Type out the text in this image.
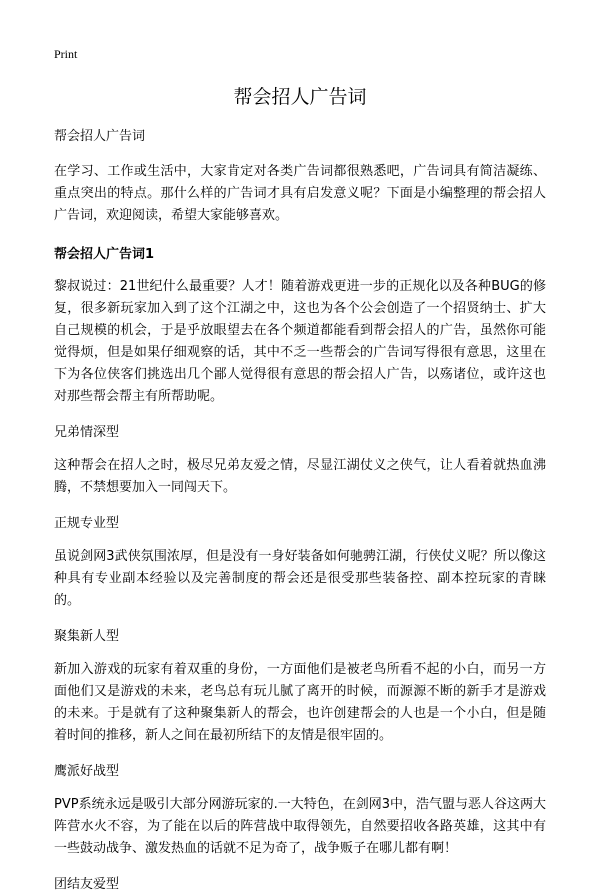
Print
帮会招人广告词

帮会招人广告词

在学习、工作或生活中，大家肯定对各类广告词都很熟悉吧，广告词具有简洁凝练、重点突出的特点。那什么样的广告词才具有启发意义呢？下面是小编整理的帮会招人广告词，欢迎阅读，希望大家能够喜欢。

帮会招人广告词1

黎叔说过：21世纪什么最重要？人才！随着游戏更进一步的正规化以及各种BUG的修复，很多新玩家加入到了这个江湖之中，这也为各个公会创造了一个招贤纳士、扩大自己规模的机会，于是乎放眼望去在各个频道都能看到帮会招人的广告，虽然你可能觉得烦，但是如果仔细观察的话，其中不乏一些帮会的广告词写得很有意思，这里在下为各位侠客们挑选出几个鄙人觉得很有意思的帮会招人广告，以殇诸位，或许这也对那些帮会帮主有所帮助呢。

兄弟情深型

这种帮会在招人之时，极尽兄弟友爱之情，尽显江湖仗义之侠气，让人看着就热血沸腾，不禁想要加入一同闯天下。

正规专业型

虽说剑网3武侠氛围浓厚，但是没有一身好装备如何驰骋江湖，行侠仗义呢？所以像这种具有专业副本经验以及完善制度的帮会还是很受那些装备控、副本控玩家的青睐的。

聚集新人型

新加入游戏的玩家有着双重的身份，一方面他们是被老鸟所看不起的小白，而另一方面他们又是游戏的未来，老鸟总有玩儿腻了离开的时候，而源源不断的新手才是游戏的未来。于是就有了这种聚集新人的帮会，也许创建帮会的人也是一个小白，但是随着时间的推移，新人之间在最初所结下的友情是很牢固的。

鹰派好战型

PVP系统永远是吸引大部分网游玩家的.一大特色，在剑网3中，浩气盟与恶人谷这两大阵营水火不容，为了能在以后的阵营战中取得领先，自然要招收各路英雄，这其中有一些鼓动战争、激发热血的话就不足为奇了，战争贩子在哪儿都有啊！

团结友爱型
